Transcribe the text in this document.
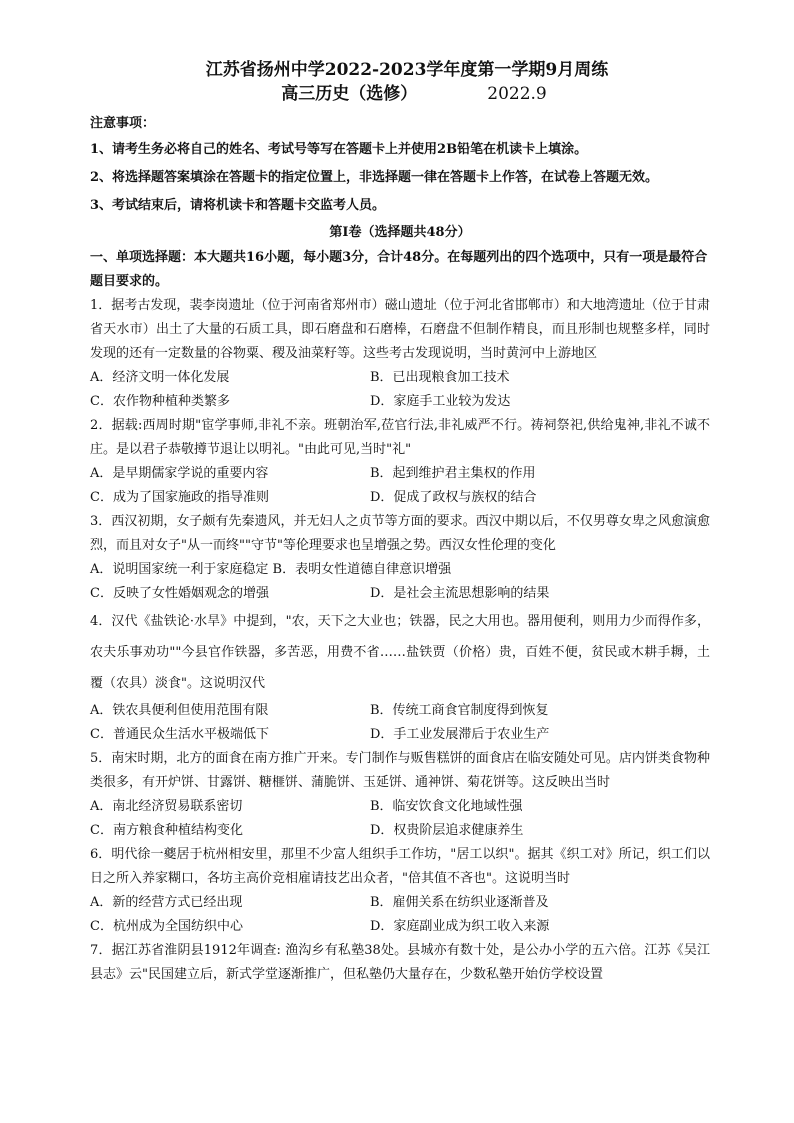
江苏省扬州中学2022-2023学年度第一学期9月周练
高三历史（选修）	2022.9
注意事项：
1、请考生务必将自己的姓名、考试号等写在答题卡上并使用2B铅笔在机读卡上填涂。
2、将选择题答案填涂在答题卡的指定位置上，非选择题一律在答题卡上作答，在试卷上答题无效。
3、考试结束后，请将机读卡和答题卡交监考人员。
第Ⅰ卷（选择题共48分）
一、单项选择题：本大题共16小题，每小题3分，合计48分。在每题列出的四个选项中，只有一项是最符合题目要求的。
1．据考古发现，裴李岗遗址（位于河南省郑州市）磁山遗址（位于河北省邯郸市）和大地湾遗址（位于甘肃省天水市）出土了大量的石质工具，即石磨盘和石磨棒，石磨盘不但制作精良，而且形制也规整多样，同时发现的还有一定数量的谷物粟、稷及油菜籽等。这些考古发现说明，当时黄河中上游地区
A．经济文明一体化发展	B．已出现粮食加工技术
C．农作物种植种类繁多	D．家庭手工业较为发达
2．据载:西周时期"宦学事师,非礼不亲。班朝治军,莅官行法,非礼威严不行。祷祠祭祀,供给鬼神,非礼不诚不庄。是以君子恭敬撙节退让以明礼。"由此可见,当时"礼"
A．是早期儒家学说的重要内容	B．起到维护君主集权的作用
C．成为了国家施政的指导准则	D．促成了政权与族权的结合
3．西汉初期，女子颇有先秦遗风，并无妇人之贞节等方面的要求。西汉中期以后，不仅男尊女卑之风愈演愈烈，而且对女子"从一而终""守节"等伦理要求也呈增强之势。西汉女性伦理的变化
A．说明国家统一利于家庭稳定 B．表明女性道德自律意识增强
C．反映了女性婚姻观念的增强	D．是社会主流思想影响的结果
4．汉代《盐铁论·水旱》中提到，"农，天下之大业也；铁器，民之大用也。器用便利，则用力少而得作多，农夫乐事劝功""今县官作铁器，多苦恶，用费不省……盐铁贾（价格）贵，百姓不便，贫民或木耕手耨，土覆（农具）淡食"。这说明汉代
A．铁农具便利但使用范围有限	B．传统工商食官制度得到恢复
C．普通民众生活水平极端低下	D．手工业发展滞后于农业生产
5．南宋时期，北方的面食在南方推广开来。专门制作与贩售糕饼的面食店在临安随处可见。店内饼类食物种类很多，有开炉饼、甘露饼、糖榧饼、蒲脆饼、玉延饼、通神饼、菊花饼等。这反映出当时
A．南北经济贸易联系密切	B．临安饮食文化地域性强
C．南方粮食种植结构变化	D．权贵阶层追求健康养生
6．明代徐一夔居于杭州相安里，那里不少富人组织手工作坊，"居工以织"。据其《织工对》所记，织工们以日之所入养家糊口，各坊主高价竞相雇请技艺出众者，"倍其值不吝也"。这说明当时
A．新的经营方式已经出现	B．雇佣关系在纺织业逐渐普及
C．杭州成为全国纺织中心	D．家庭副业成为织工收入来源
7．据江苏省淮阴县1912年调查: 渔沟乡有私塾38处。县城亦有数十处，是公办小学的五六倍。江苏《吴江县志》云"民国建立后，新式学堂逐渐推广，但私塾仍大量存在，少数私塾开始仿学校设置
